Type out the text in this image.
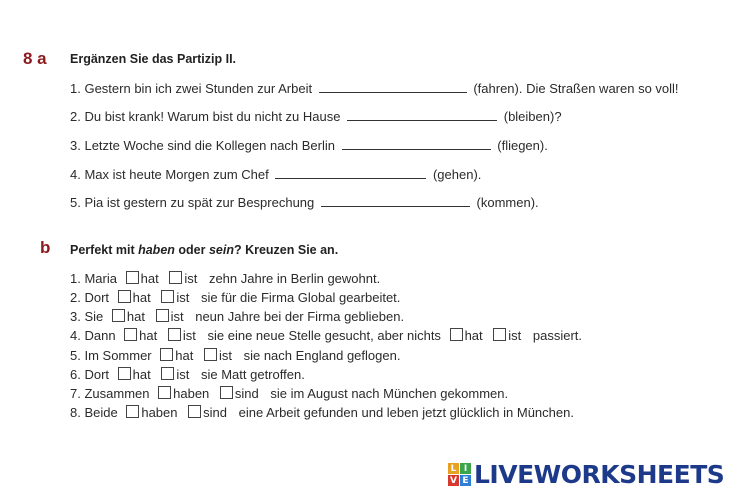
8 a Ergänzen Sie das Partizip II.
1. Gestern bin ich zwei Stunden zur Arbeit	(fahren). Die Straßen waren so voll!
2. Du bist krank! Warum bist du nicht zu Hause	(bleiben)?
3. Letzte Woche sind die Kollegen nach Berlin	(fliegen).
4. Max ist heute Morgen zum Chef	(gehen).
5. Pia ist gestern zu spät zur Besprechung	(kommen).
b Perfekt mit haben oder sein? Kreuzen Sie an.
1. Maria hat ist zehn Jahre in Berlin gewohnt.
2. Dort hat ist sie für die Firma Global gearbeitet.
3. Sie hat ist neun Jahre bei der Firma geblieben.
4. Dann hat ist sie eine neue Stelle gesucht, aber nichts hat ist passiert.
5. Im Sommer hat ist sie nach England geflogen.
6. Dort hat ist sie Matt getroffen.
7. Zusammen haben sind sie im August nach München gekommen.
8. Beide haben sind eine Arbeit gefunden und leben jetzt glücklich in München.
L I
V E LIVEWORKSHEETS
